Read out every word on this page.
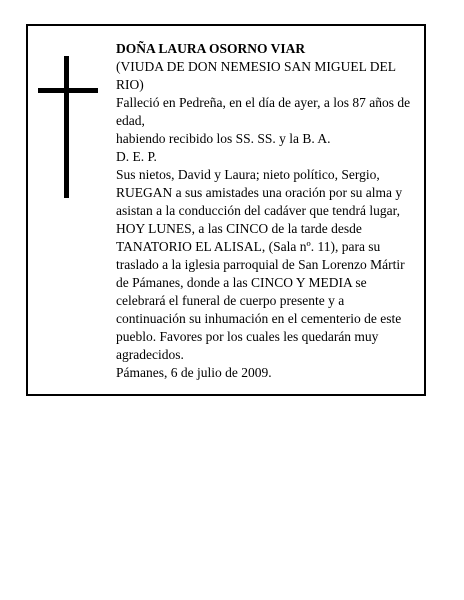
DOÑA LAURA OSORNO VIAR

(VIUDA DE DON NEMESIO SAN MIGUEL DEL RIO)

Falleció en Pedreña, en el día de ayer, a los 87 años de edad,

habiendo recibido los SS. SS. y la B. A.

D. E. P.

Sus nietos, David y Laura; nieto político, Sergio,

RUEGAN a sus amistades una oración por su alma y asistan a la conducción del cadáver que tendrá lugar, HOY LUNES, a las CINCO de la tarde desde TANATORIO EL ALISAL, (Sala nº. 11), para su traslado a la iglesia parroquial de San Lorenzo Mártir de Pámanes, donde a las CINCO Y MEDIA se celebrará el funeral de cuerpo presente y a continuación su inhumación en el cementerio de este pueblo. Favores por los cuales les quedarán muy agradecidos.

Pámanes, 6 de julio de 2009.
